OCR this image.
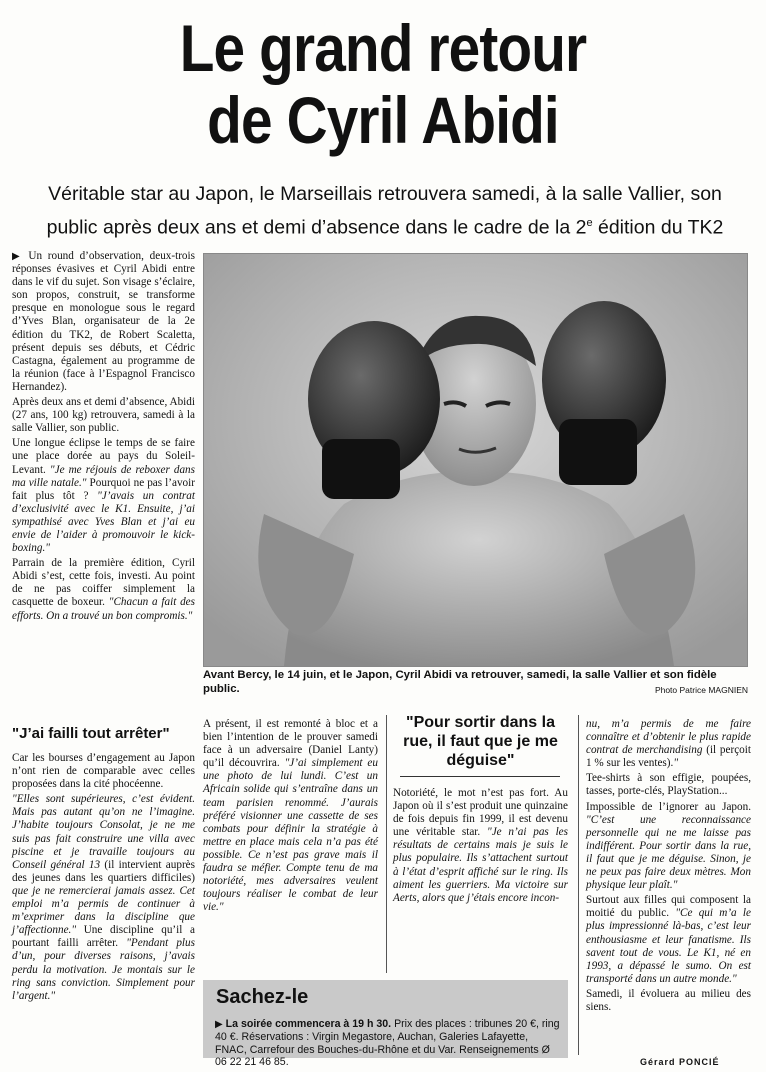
Le grand retour
de Cyril Abidi
Véritable star au Japon, le Marseillais retrouvera samedi, à la salle Vallier, son public après deux ans et demi d’absence dans le cadre de la 2e édition du TK2

▶ Un round d’observation, deux-trois réponses évasives et Cyril Abidi entre dans le vif du sujet. Son visage s’éclaire, son propos, construit, se transforme presque en monologue sous le regard d’Yves Blan, organisateur de la 2e édition du TK2, de Robert Scaletta, présent depuis ses débuts, et Cédric Castagna, également au programme de la réunion (face à l’Espagnol Francisco Hernandez).

Après deux ans et demi d’absence, Abidi (27 ans, 100 kg) retrouvera, samedi à la salle Vallier, son public.

Une longue éclipse le temps de se faire une place dorée au pays du Soleil-Levant. "Je me réjouis de reboxer dans ma ville natale." Pourquoi ne pas l’avoir fait plus tôt ? "J’avais un contrat d’exclusivité avec le K1. Ensuite, j’ai sympathisé avec Yves Blan et j’ai eu envie de l’aider à promouvoir le kick-boxing."

Parrain de la première édition, Cyril Abidi s’est, cette fois, investi. Au point de ne pas coiffer simplement la casquette de boxeur. "Chacun a fait des efforts. On a trouvé un bon compromis."

"J’ai failli tout arrêter"

Car les bourses d’engagement au Japon n’ont rien de comparable avec celles proposées dans la cité phocéenne.

"Elles sont supérieures, c’est évident. Mais pas autant qu’on ne l’imagine. J’habite toujours Consolat, je ne me suis pas fait construire une villa avec piscine et je travaille toujours au Conseil général 13 (il intervient auprès des jeunes dans les quartiers difficiles) que je ne remercierai jamais assez. Cet emploi m’a permis de continuer à m’exprimer dans la discipline que j’affectionne." Une discipline qu’il a pourtant failli arrêter. "Pendant plus d’un, pour diverses raisons, j’avais perdu la motivation. Je montais sur le ring sans conviction. Simplement pour l’argent."

Avant Bercy, le 14 juin, et le Japon, Cyril Abidi va retrouver, samedi, la salle Vallier et son fidèle public.	Photo Patrice MAGNIEN

A présent, il est remonté à bloc et a bien l’intention de le prouver samedi face à un adversaire (Daniel Lanty) qu’il découvrira. "J’ai simplement eu une photo de lui lundi. C’est un Africain solide qui s’entraîne dans un team parisien renommé. J’aurais préféré visionner une cassette de ses combats pour définir la stratégie à mettre en place mais cela n’a pas été possible. Ce n’est pas grave mais il faudra se méfier. Compte tenu de ma notoriété, mes adversaires veulent toujours réaliser le combat de leur vie."

"Pour sortir dans la rue, il faut que je me déguise"

Notoriété, le mot n’est pas fort. Au Japon où il s’est produit une quinzaine de fois depuis fin 1999, il est devenu une véritable star. "Je n’ai pas les résultats de certains mais je suis le plus populaire. Ils s’attachent surtout à l’état d’esprit affiché sur le ring. Ils aiment les guerriers. Ma victoire sur Aerts, alors que j’étais encore incon-

nu, m’a permis de me faire connaître et d’obtenir le plus rapide contrat de merchandising (il perçoit 1 % sur les ventes)."

Tee-shirts à son effigie, poupées, tasses, porte-clés, PlayStation...

Impossible de l’ignorer au Japon. "C’est une reconnaissance personnelle qui ne me laisse pas indifférent. Pour sortir dans la rue, il faut que je me déguise. Sinon, je ne peux pas faire deux mètres. Mon physique leur plaît."

Surtout aux filles qui composent la moitié du public. "Ce qui m’a le plus impressionné là-bas, c’est leur enthousiasme et leur fanatisme. Ils savent tout de vous. Le K1, né en 1993, a dépassé le sumo. On est transporté dans un autre monde."

Samedi, il évoluera au milieu des siens.

Sachez-le
▶ La soirée commencera à 19 h 30. Prix des places : tribunes 20 €, ring 40 €. Réservations : Virgin Megastore, Auchan, Galeries Lafayette, FNAC, Carrefour des Bouches-du-Rhône et du Var. Renseignements Ø 06 22 21 46 85.	Gérard PONCIÉ
